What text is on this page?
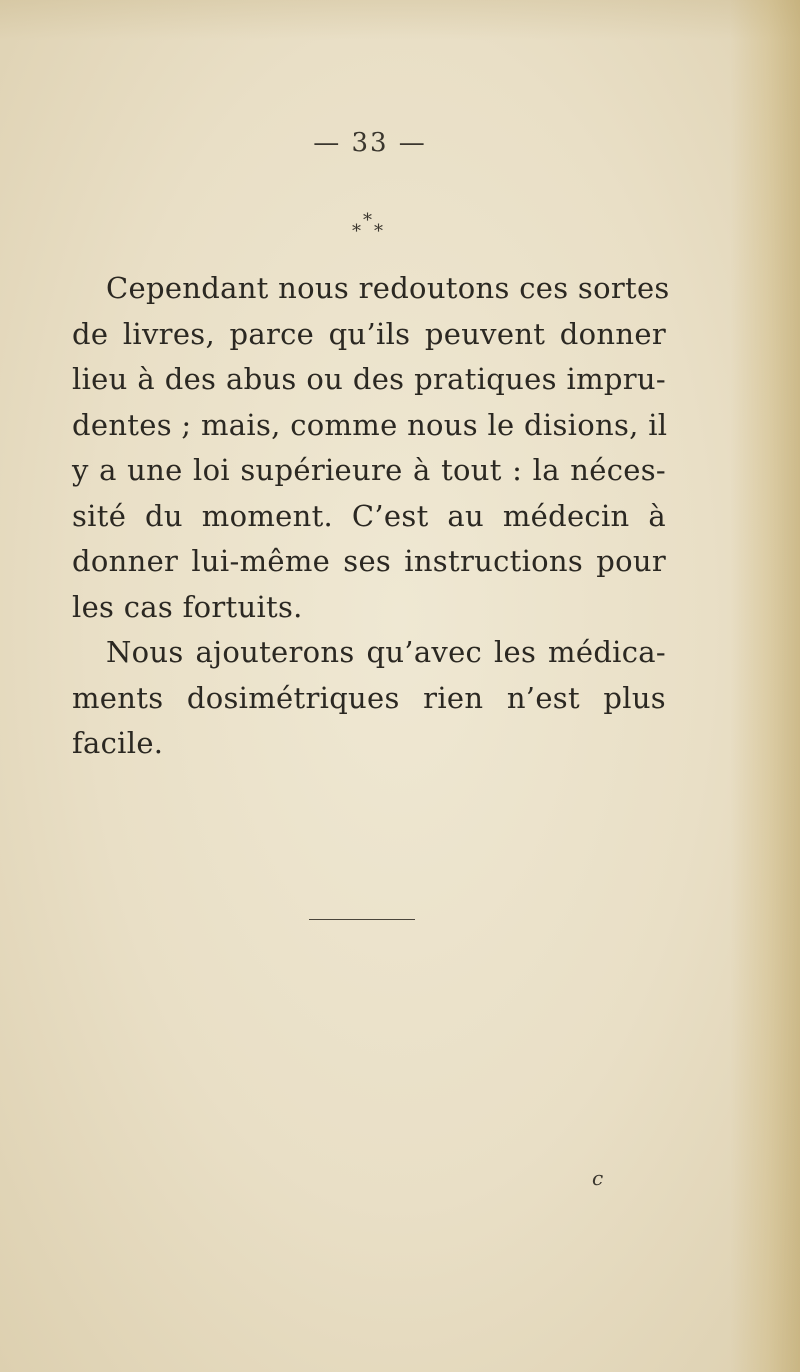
— 33 —
*
* *
Cependant nous redoutons ces sortes
de livres, parce qu’ils peuvent donner
lieu à des abus ou des pratiques impru-
dentes ; mais, comme nous le disions, il
y a une loi supérieure à tout : la néces-
sité du moment. C’est au médecin à
donner lui-même ses instructions pour
les cas fortuits.
Nous ajouterons qu’avec les médica-
ments dosimétriques rien n’est plus
facile.
c
